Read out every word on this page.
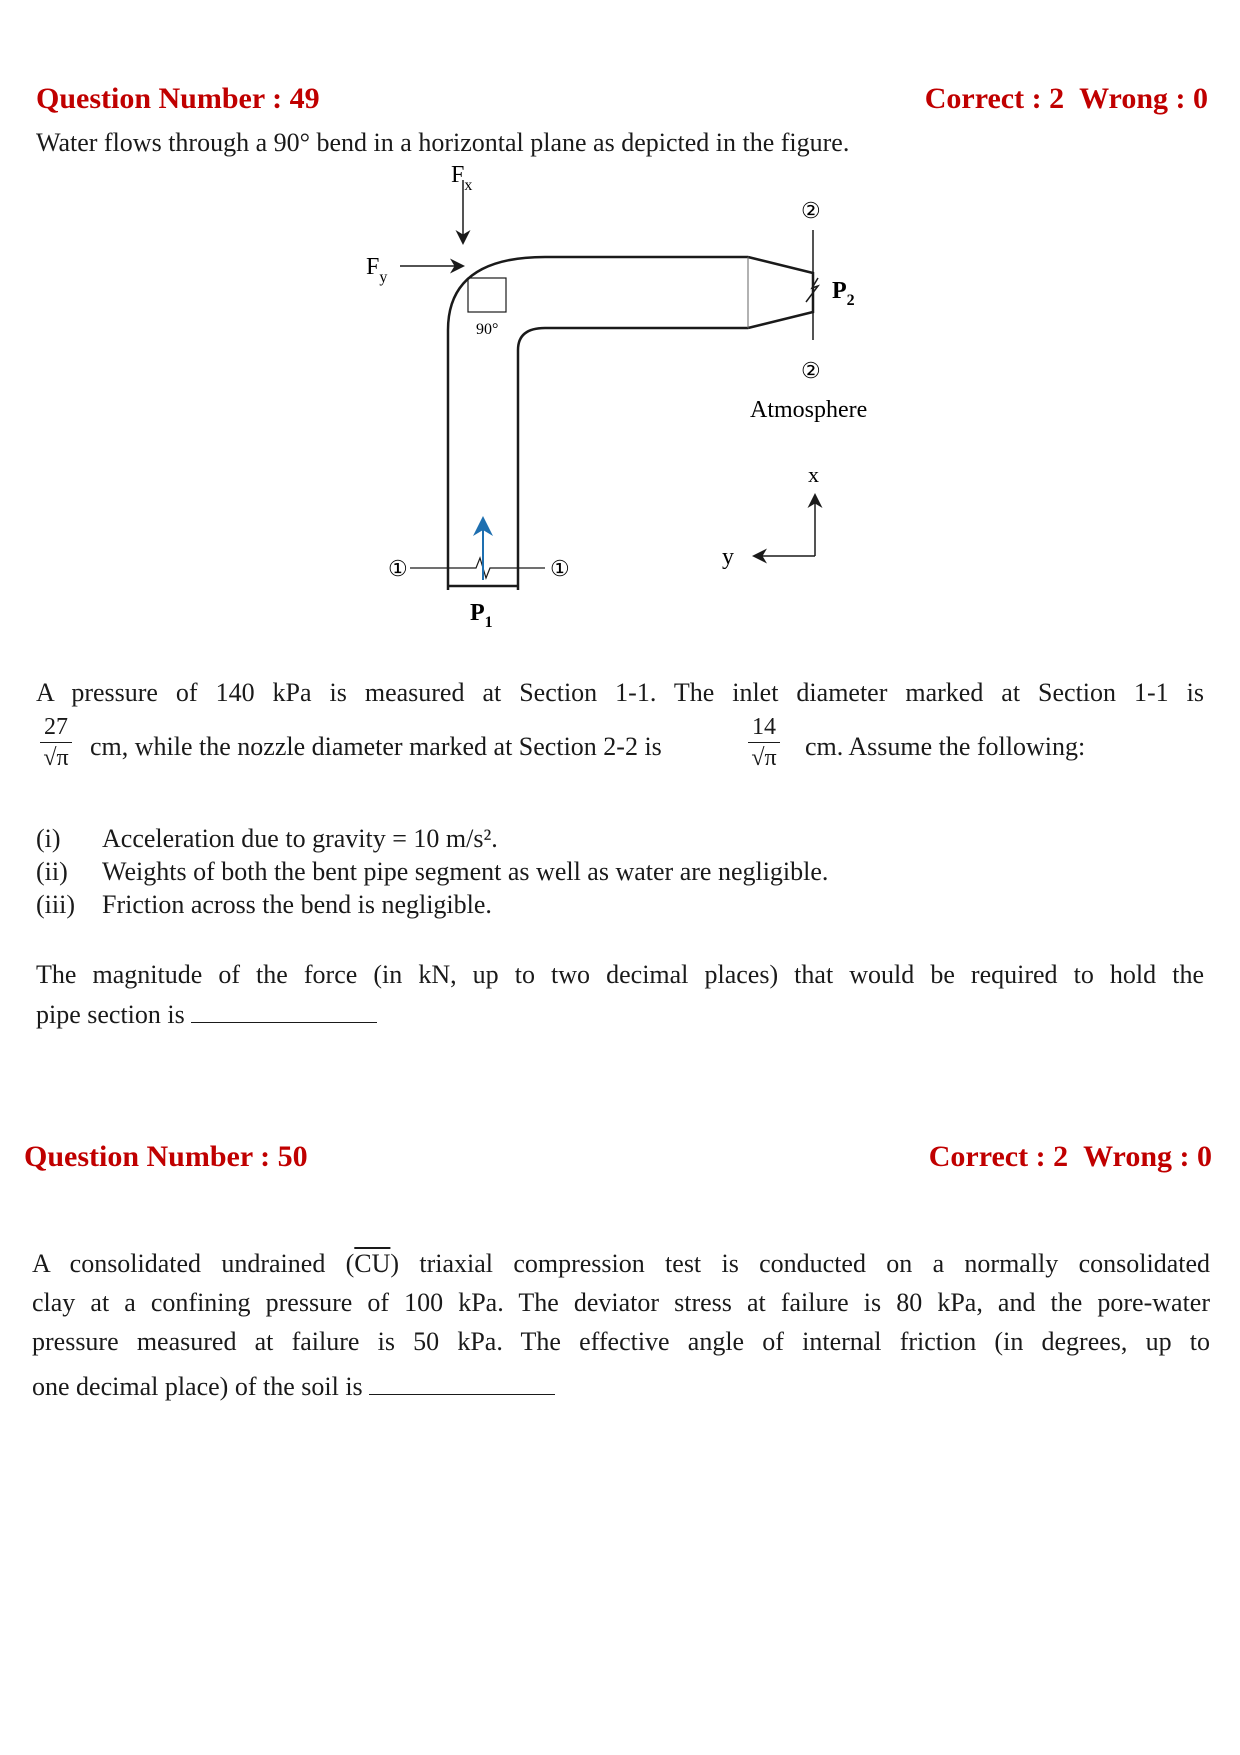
Question Number : 49	Correct : 2 Wrong : 0

Water flows through a 90° bend in a horizontal plane as depicted in the figure.

90°
$F_x$
$F_y$
②
②
$P_2$
Atmosphere
x
y
①	①
$P_1$

A pressure of 140 kPa is measured at Section 1-1. The inlet diameter marked at Section 1-1 is

$\frac{27}{√\pi}$ cm, while the nozzle diameter marked at Section 2-2 is	$\frac{14}{√\pi}$ cm. Assume the following:
(i) Acceleration due to gravity = 10 m/s².
(ii) Weights of both the bent pipe segment as well as water are negligible.
(iii) Friction across the bend is negligible.

The magnitude of the force (in kN, up to two decimal places) that would be required to hold the

pipe section is

Question Number : 50	Correct : 2 Wrong : 0

A consolidated undrained $(\overline{CU})$ triaxial compression test is conducted on a normally consolidated

clay at a confining pressure of 100 kPa. The deviator stress at failure is 80 kPa, and the pore-water

pressure measured at failure is 50 kPa. The effective angle of internal friction (in degrees, up to

one decimal place) of the soil is
